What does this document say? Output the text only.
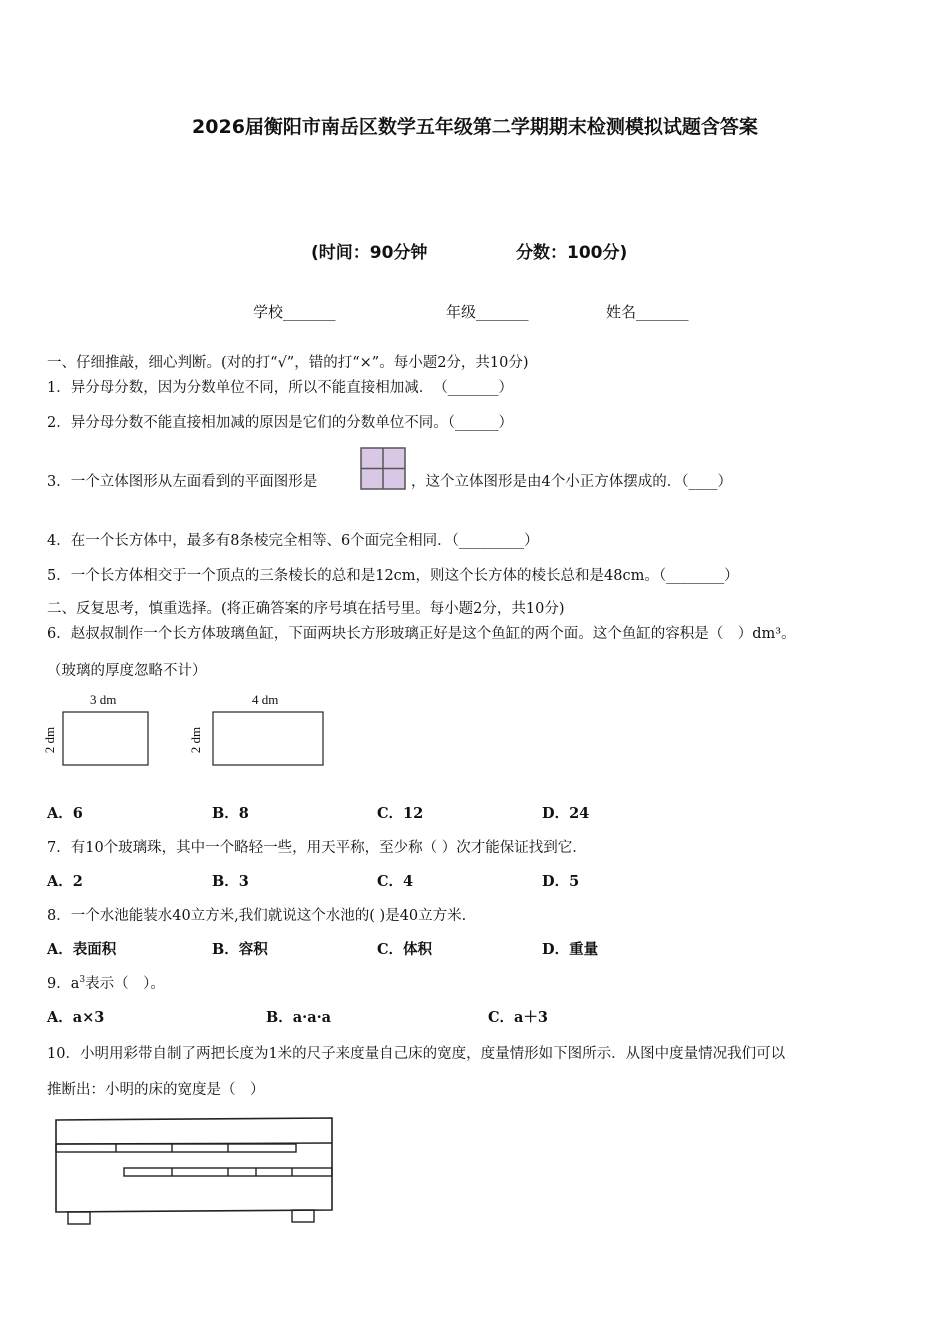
2026届衡阳市南岳区数学五年级第二学期期末检测模拟试题含答案
(时间：90分钟	分数：100分)
学校_______	年级_______	姓名_______
一、仔细推敲，细心判断。(对的打“√”，错的打“×”。每小题2分，共10分)
1．异分母分数，因为分数单位不同，所以不能直接相加减．　（_______）
2．异分母分数不能直接相加减的原因是它们的分数单位不同。（______）
3．一个立体图形从左面看到的平面图形是	，这个立体图形是由4个小正方体摆成的．（____）
4．在一个长方体中，最多有8条棱完全相等、6个面完全相同．（_________）
5．一个长方体相交于一个顶点的三条棱长的总和是12cm，则这个长方体的棱长总和是48cm。（________）
二、反复思考，慎重选择。(将正确答案的序号填在括号里。每小题2分，共10分)
6．赵叔叔制作一个长方体玻璃鱼缸，下面两块长方形玻璃正好是这个鱼缸的两个面。这个鱼缸的容积是（　）dm³。
（玻璃的厚度忽略不计）
3 dm
2 dm
4 dm
2 dm
A．6	B．8	C．12	D．24
7．有10个玻璃珠，其中一个略轻一些，用天平称，至少称（ ）次才能保证找到它．
A．2	B．3	C．4	D．5
8．一个水池能装水40立方米,我们就说这个水池的( )是40立方米.
A．表面积	B．容积	C．体积	D．重量
9．$a^3$表示（　）。
A．a×3	B．a·a·a	C．a＋3
10．小明用彩带自制了两把长度为1米的尺子来度量自己床的宽度，度量情形如下图所示．从图中度量情况我们可以
推断出：小明的床的宽度是（　）
